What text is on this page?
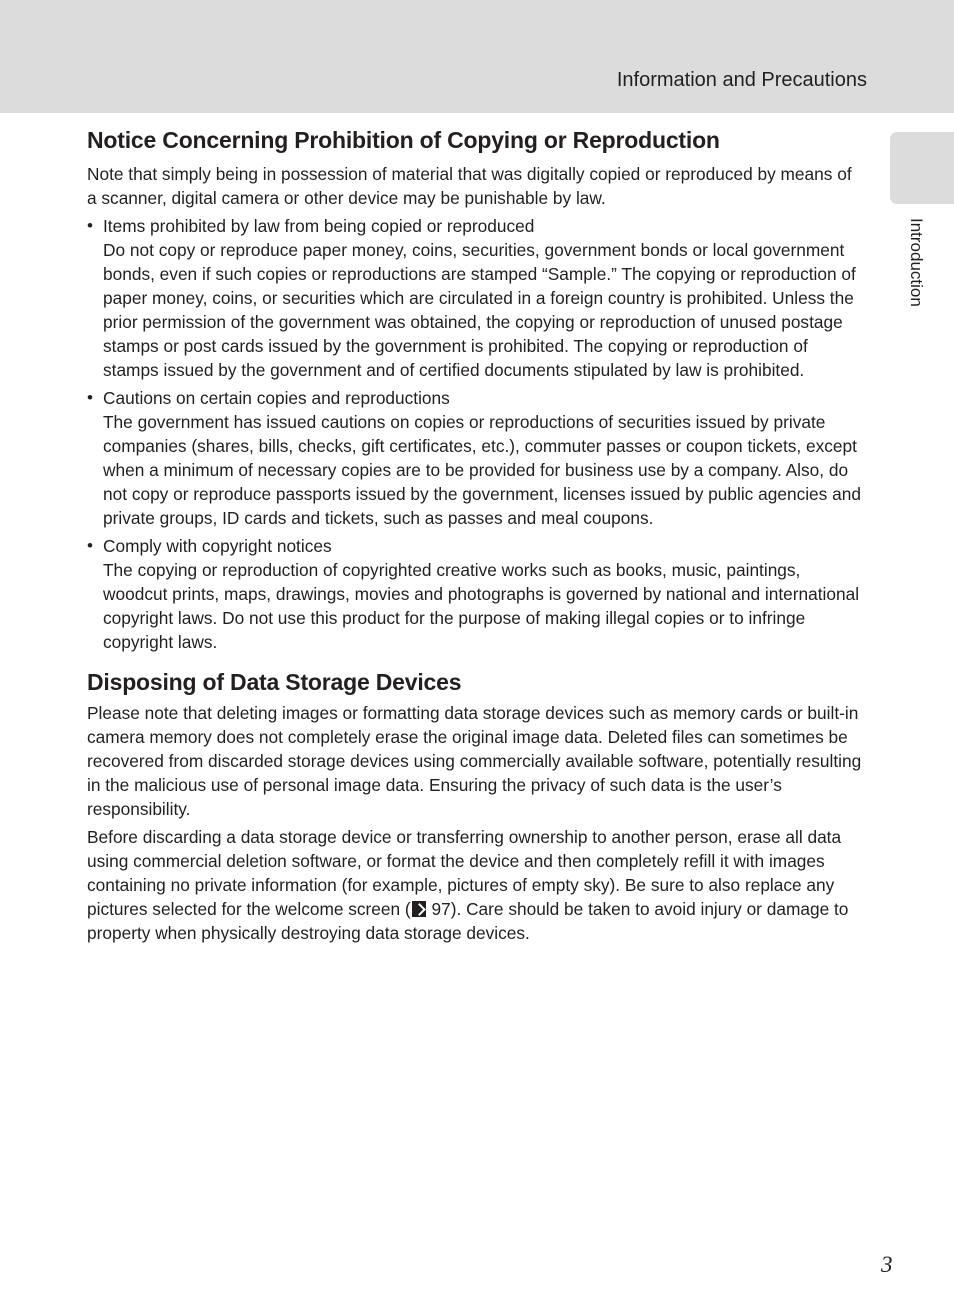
Information and Precautions
Introduction
Notice Concerning Prohibition of Copying or Reproduction

Note that simply being in possession of material that was digitally copied or reproduced by means of a scanner, digital camera or other device may be punishable by law.

• Items prohibited by law from being copied or reproduced
Do not copy or reproduce paper money, coins, securities, government bonds or local government bonds, even if such copies or reproductions are stamped “Sample.” The copying or reproduction of paper money, coins, or securities which are circulated in a foreign country is prohibited. Unless the prior permission of the government was obtained, the copying or reproduction of unused postage stamps or post cards issued by the government is prohibited. The copying or reproduction of stamps issued by the government and of certified documents stipulated by law is prohibited.
• Cautions on certain copies and reproductions
The government has issued cautions on copies or reproductions of securities issued by private companies (shares, bills, checks, gift certificates, etc.), commuter passes or coupon tickets, except when a minimum of necessary copies are to be provided for business use by a company. Also, do not copy or reproduce passports issued by the government, licenses issued by public agencies and private groups, ID cards and tickets, such as passes and meal coupons.
• Comply with copyright notices
The copying or reproduction of copyrighted creative works such as books, music, paintings, woodcut prints, maps, drawings, movies and photographs is governed by national and international copyright laws. Do not use this product for the purpose of making illegal copies or to infringe copyright laws.
Disposing of Data Storage Devices

Please note that deleting images or formatting data storage devices such as memory cards or built-in camera memory does not completely erase the original image data. Deleted files can sometimes be recovered from discarded storage devices using commercially available software, potentially resulting in the malicious use of personal image data. Ensuring the privacy of such data is the user’s responsibility.

Before discarding a data storage device or transferring ownership to another person, erase all data using commercial deletion software, or format the device and then completely refill it with images containing no private information (for example, pictures of empty sky). Be sure to also replace any pictures selected for the welcome screen ( 97). Care should be taken to avoid injury or damage to property when physically destroying data storage devices.

3
